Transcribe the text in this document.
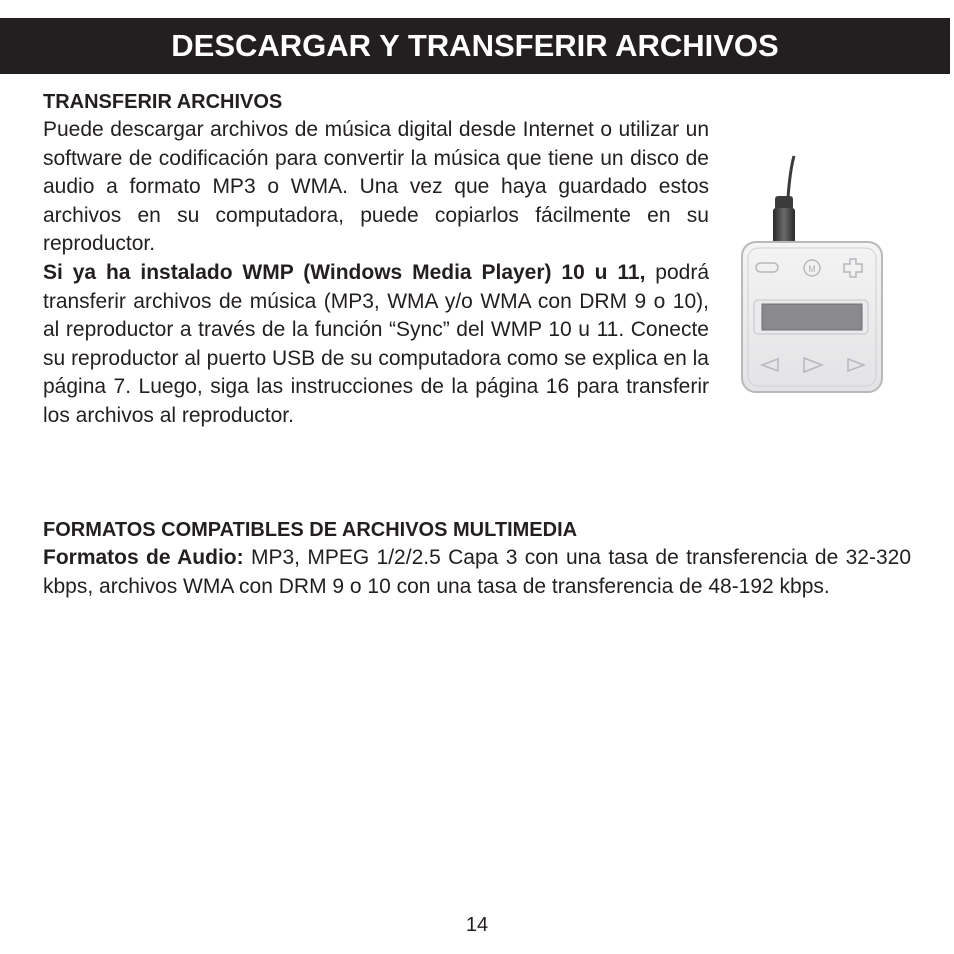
DESCARGAR Y TRANSFERIR ARCHIVOS
TRANSFERIR ARCHIVOS
Puede descargar archivos de música digital desde Internet o utilizar un software de codificación para convertir la música que tiene un disco de audio a formato MP3 o WMA. Una vez que haya guardado estos archivos en su computadora, puede copiarlos fácilmente en su reproductor.
Si ya ha instalado WMP (Windows Media Player) 10 u 11, podrá transferir archivos de música (MP3, WMA y/o WMA con DRM 9 o 10), al reproductor a través de la función “Sync” del WMP 10 u 11. Conecte su reproductor al puerto USB de su computadora como se explica en la página 7. Luego, siga las instrucciones de la página 16 para transferir los archivos al reproductor.
M
FORMATOS COMPATIBLES DE ARCHIVOS MULTIMEDIA
Formatos de Audio: MP3, MPEG 1/2/2.5 Capa 3 con una tasa de transferencia de 32-320 kbps, archivos WMA con DRM 9 o 10 con una tasa de transferencia de 48-192 kbps.
14
